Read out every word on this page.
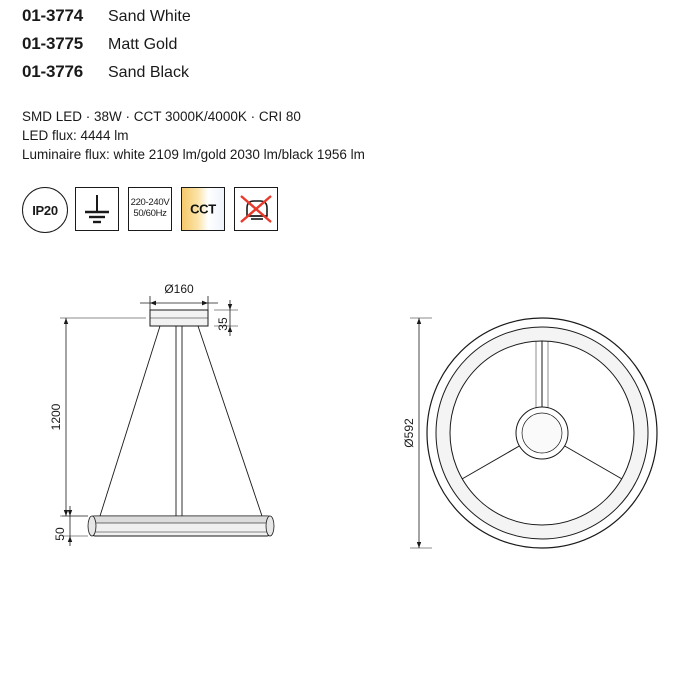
01-3774	Sand White
01-3775	Matt Gold
01-3776	Sand Black
SMD LED · 38W · CCT 3000K/4000K · CRI 80
LED flux: 4444 lm
Luminaire flux: white 2109 lm/gold 2030 lm/black 1956 lm
IP20	220-240V
50/60Hz	CCT
Ø160
35
1200
50
Ø592
